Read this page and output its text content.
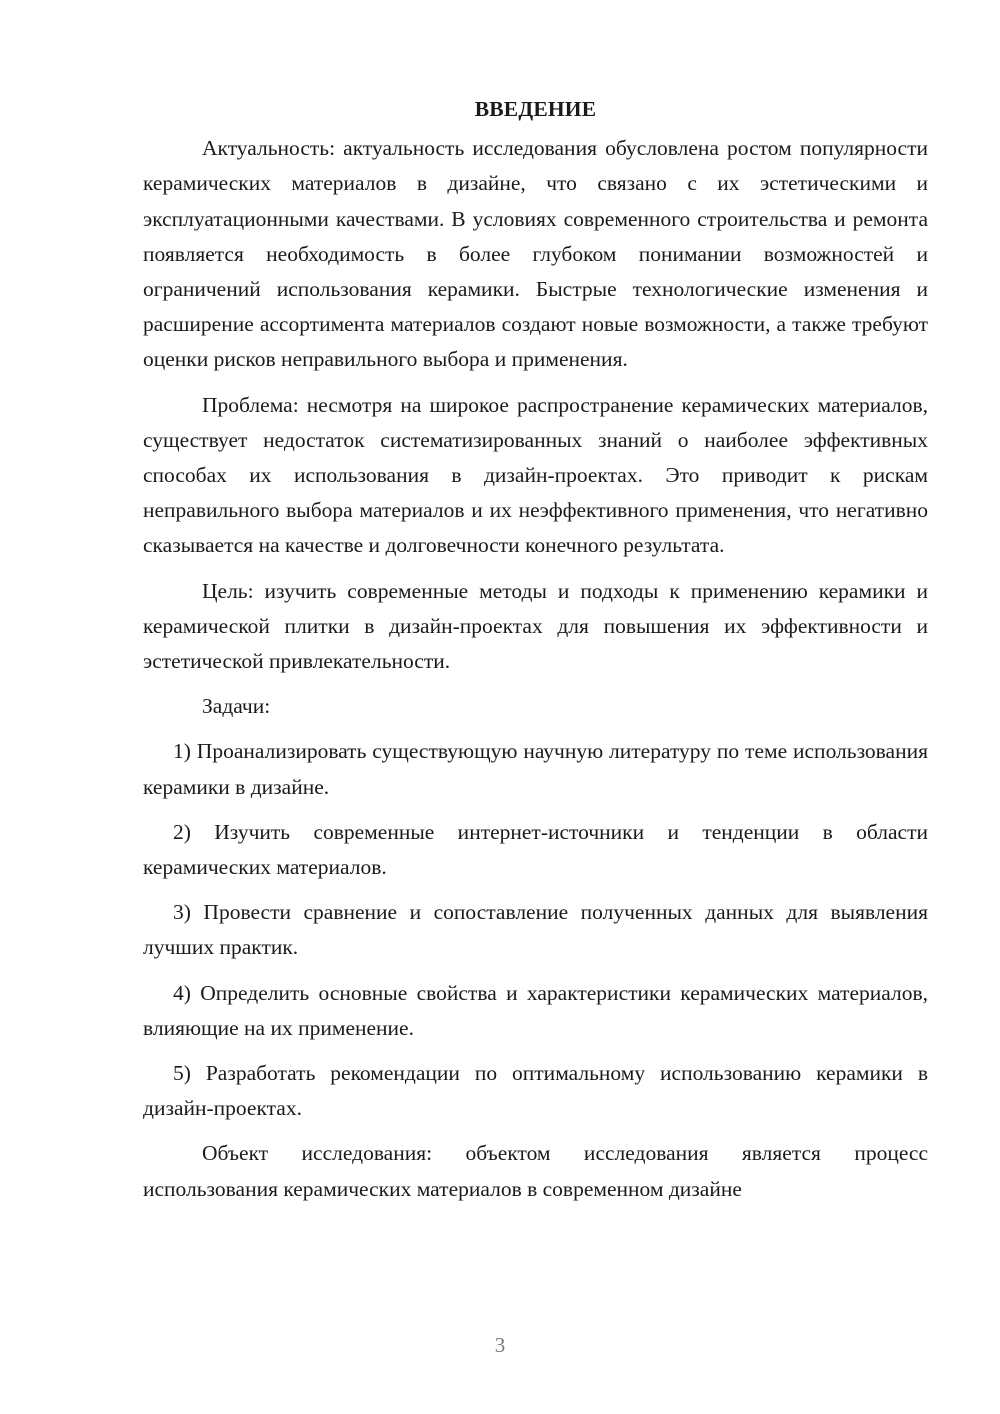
ВВЕДЕНИЕ

Актуальность: актуальность исследования обусловлена ростом популярности керамических материалов в дизайне, что связано с их эстетическими и эксплуатационными качествами. В условиях современного строительства и ремонта появляется необходимость в более глубоком понимании возможностей и ограничений использования керамики. Быстрые технологические изменения и расширение ассортимента материалов создают новые возможности, а также требуют оценки рисков неправильного выбора и применения.

Проблема: несмотря на широкое распространение керамических материалов, существует недостаток систематизированных знаний о наиболее эффективных способах их использования в дизайн-проектах. Это приводит к рискам неправильного выбора материалов и их неэффективного применения, что негативно сказывается на качестве и долговечности конечного результата.

Цель: изучить современные методы и подходы к применению керамики и керамической плитки в дизайн-проектах для повышения их эффективности и эстетической привлекательности.

Задачи:

1) Проанализировать существующую научную литературу по теме использования керамики в дизайне.

2) Изучить современные интернет-источники и тенденции в области керамических материалов.

3) Провести сравнение и сопоставление полученных данных для выявления лучших практик.

4) Определить основные свойства и характеристики керамических материалов, влияющие на их применение.

5) Разработать рекомендации по оптимальному использованию керамики в дизайн-проектах.

Объект исследования: объектом исследования является процесс использования керамических материалов в современном дизайне

3
